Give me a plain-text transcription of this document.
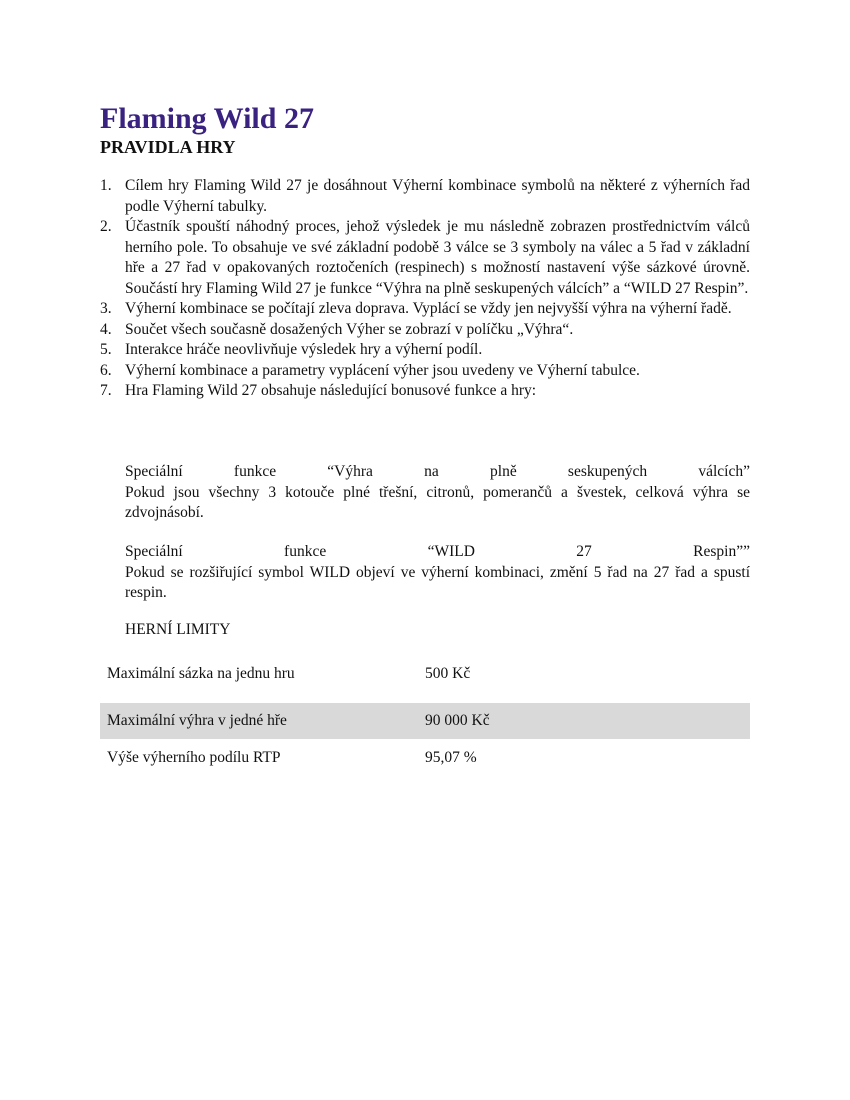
Flaming Wild 27
PRAVIDLA HRY
1. Cílem hry Flaming Wild 27 je dosáhnout Výherní kombinace symbolů na některé z výherních řad podle Výherní tabulky.
2. Účastník spouští náhodný proces, jehož výsledek je mu následně zobrazen prostřednictvím válců herního pole. To obsahuje ve své základní podobě 3 válce se 3 symboly na válec a 5 řad v základní hře a 27 řad v opakovaných roztočeních (respinech) s možností nastavení výše sázkové úrovně. Součástí hry Flaming Wild 27 je funkce “Výhra na plně seskupených válcích” a “WILD 27 Respin”.
3. Výherní kombinace se počítají zleva doprava. Vyplácí se vždy jen nejvyšší výhra na výherní řadě.
4. Součet všech současně dosažených Výher se zobrazí v políčku „Výhra“.
5. Interakce hráče neovlivňuje výsledek hry a výherní podíl.
6. Výherní kombinace a parametry vyplácení výher jsou uvedeny ve Výherní tabulce.
7. Hra Flaming Wild 27 obsahuje následující bonusové funkce a hry:
Speciální funkce “Výhra na plně seskupených válcích”
Pokud jsou všechny 3 kotouče plné třešní, citronů, pomerančů a švestek, celková výhra se zdvojnásobí.
Speciální funkce “WILD 27 Respin””
Pokud se rozšiřující symbol WILD objeví ve výherní kombinaci, změní 5 řad na 27 řad a spustí respin.
HERNÍ LIMITY
Maximální sázka na jednu hru	500 Kč
Maximální výhra v jedné hře	90 000 Kč
Výše výherního podílu RTP	95,07 %
